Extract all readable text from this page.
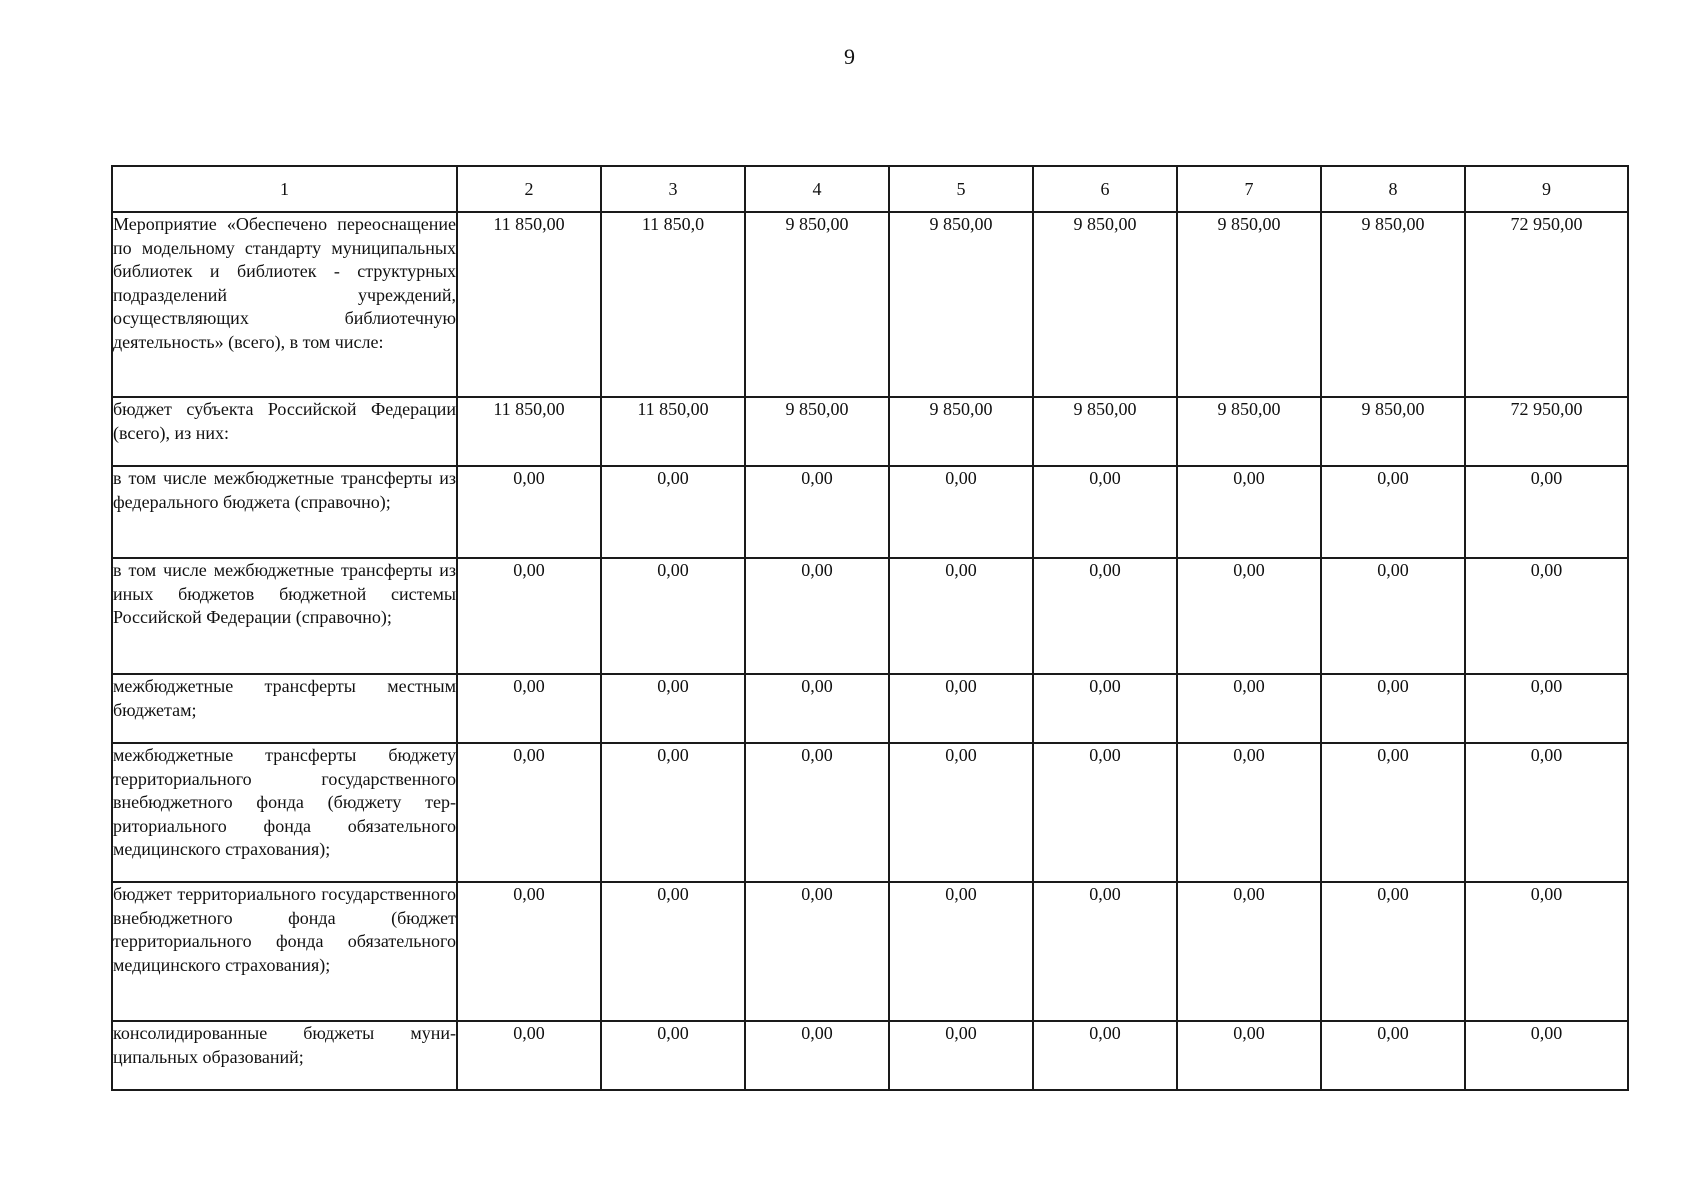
9
1	2	3	4	5	6	7	8	9
Мероприятие «Обеспечено переоснащение по модельному стандарту муниципальных библиотек и библиотек - структурных подразделений учреждений, осуществляющих библиотечную деятельность» (всего), в том числе:	11 850,00	11 850,0	9 850,00	9 850,00	9 850,00	9 850,00	9 850,00	72 950,00
бюджет субъекта Российской Федерации (всего), из них:	11 850,00	11 850,00	9 850,00	9 850,00	9 850,00	9 850,00	9 850,00	72 950,00
в том числе межбюджетные трансферты из федерального бюджета (справочно);	0,00	0,00	0,00	0,00	0,00	0,00	0,00	0,00
в том числе межбюджетные трансферты из иных бюджетов бюджетной системы Российской Федерации (справочно);	0,00	0,00	0,00	0,00	0,00	0,00	0,00	0,00
межбюджетные трансферты местным бюджетам;	0,00	0,00	0,00	0,00	0,00	0,00	0,00	0,00
межбюджетные трансферты бюджету территориального государственного внебюджетного фонда (бюджету территориального фонда обязательного медицинского страхования);	0,00	0,00	0,00	0,00	0,00	0,00	0,00	0,00
бюджет территориального государственного внебюджетного фонда (бюджет территориального фонда обязательного медицинского страхования);	0,00	0,00	0,00	0,00	0,00	0,00	0,00	0,00
консолидированные бюджеты муниципальных образований;	0,00	0,00	0,00	0,00	0,00	0,00	0,00	0,00
